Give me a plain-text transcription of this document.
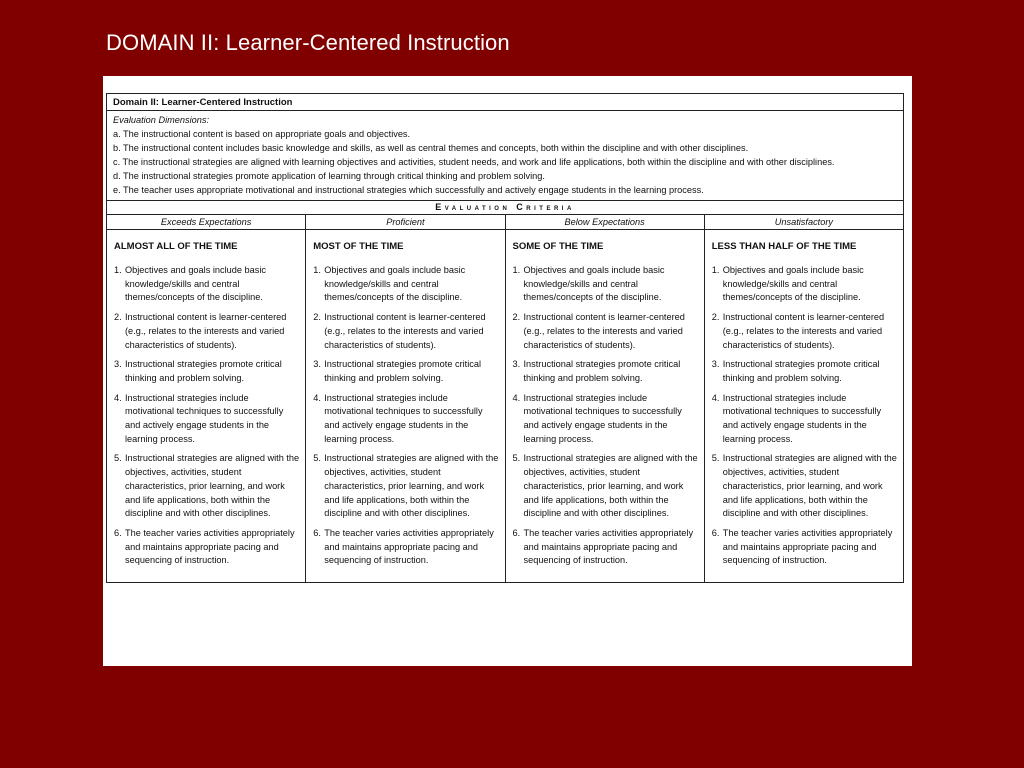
DOMAIN II: Learner-Centered Instruction
Domain II: Learner-Centered Instruction
Evaluation Dimensions:
a. The instructional content is based on appropriate goals and objectives.
b. The instructional content includes basic knowledge and skills, as well as central themes and concepts, both within the discipline and with other disciplines.
c. The instructional strategies are aligned with learning objectives and activities, student needs, and work and life applications, both within the discipline and with other disciplines.
d. The instructional strategies promote application of learning through critical thinking and problem solving.
e. The teacher uses appropriate motivational and instructional strategies which successfully and actively engage students in the learning process.
Evaluation Criteria
Exceeds Expectations
ALMOST ALL OF THE TIME
1. Objectives and goals include basic knowledge/skills and central themes/concepts of the discipline.
2. Instructional content is learner-centered (e.g., relates to the interests and varied characteristics of students).
3. Instructional strategies promote critical thinking and problem solving.
4. Instructional strategies include motivational techniques to successfully and actively engage students in the learning process.
5. Instructional strategies are aligned with the objectives, activities, student characteristics, prior learning, and work and life applications, both within the discipline and with other disciplines.
6. The teacher varies activities appropriately and maintains appropriate pacing and sequencing of instruction.
Proficient
MOST OF THE TIME
1. Objectives and goals include basic knowledge/skills and central themes/concepts of the discipline.
2. Instructional content is learner-centered (e.g., relates to the interests and varied characteristics of students).
3. Instructional strategies promote critical thinking and problem solving.
4. Instructional strategies include motivational techniques to successfully and actively engage students in the learning process.
5. Instructional strategies are aligned with the objectives, activities, student characteristics, prior learning, and work and life applications, both within the discipline and with other disciplines.
6. The teacher varies activities appropriately and maintains appropriate pacing and sequencing of instruction.
Below Expectations
SOME OF THE TIME
1. Objectives and goals include basic knowledge/skills and central themes/concepts of the discipline.
2. Instructional content is learner-centered (e.g., relates to the interests and varied characteristics of students).
3. Instructional strategies promote critical thinking and problem solving.
4. Instructional strategies include motivational techniques to successfully and actively engage students in the learning process.
5. Instructional strategies are aligned with the objectives, activities, student characteristics, prior learning, and work and life applications, both within the discipline and with other disciplines.
6. The teacher varies activities appropriately and maintains appropriate pacing and sequencing of instruction.
Unsatisfactory
LESS THAN HALF OF THE TIME
1. Objectives and goals include basic knowledge/skills and central themes/concepts of the discipline.
2. Instructional content is learner-centered (e.g., relates to the interests and varied characteristics of students).
3. Instructional strategies promote critical thinking and problem solving.
4. Instructional strategies include motivational techniques to successfully and actively engage students in the learning process.
5. Instructional strategies are aligned with the objectives, activities, student characteristics, prior learning, and work and life applications, both within the discipline and with other disciplines.
6. The teacher varies activities appropriately and maintains appropriate pacing and sequencing of instruction.
